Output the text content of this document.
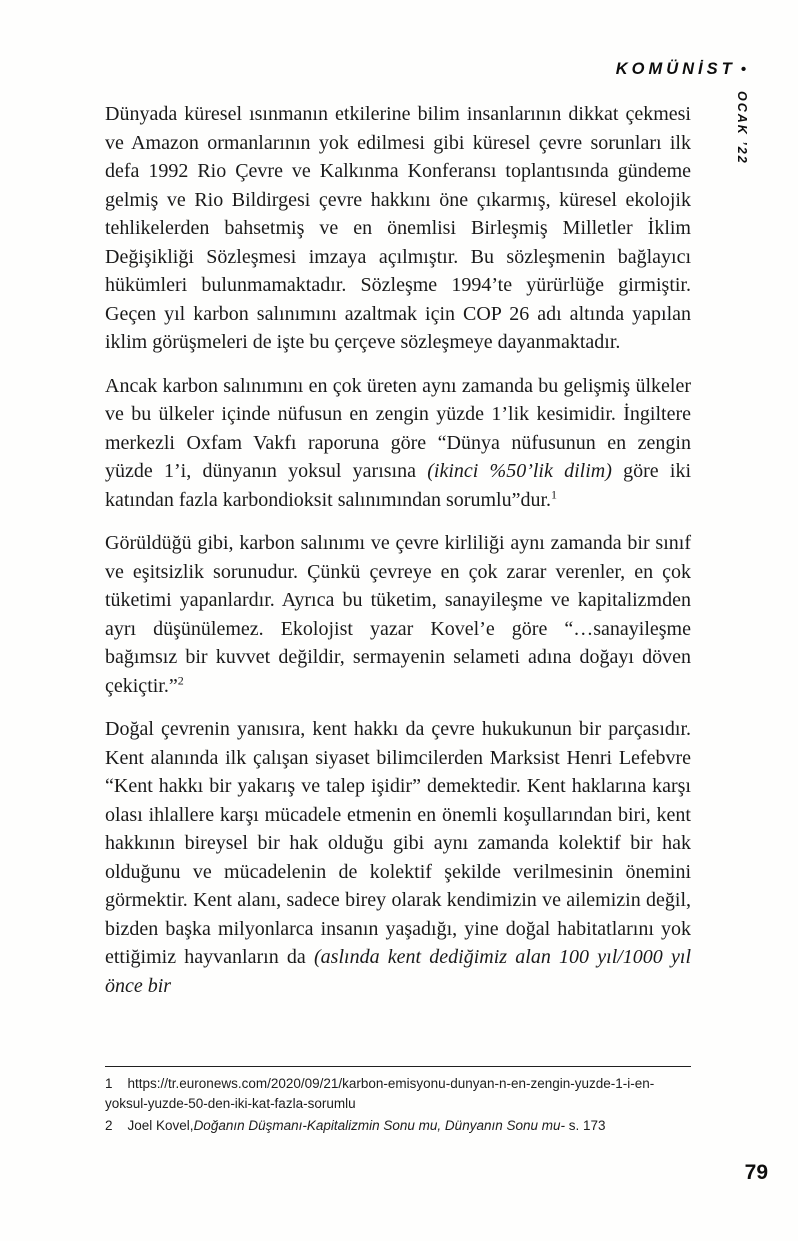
KOMÜNİST •
OCAK ’22

Dünyada küresel ısınmanın etkilerine bilim insanlarının dikkat çekmesi ve Amazon ormanlarının yok edilmesi gibi küresel çevre sorunları ilk defa 1992 Rio Çevre ve Kalkınma Konferansı toplantısında gündeme gelmiş ve Rio Bildirgesi çevre hakkını öne çıkarmış, küresel ekolojik tehlikelerden bahsetmiş ve en önemlisi Birleşmiş Milletler İklim Değişikliği Sözleşmesi imzaya açılmıştır. Bu sözleşmenin bağlayıcı hükümleri bulunmamaktadır. Sözleşme 1994’te yürürlüğe girmiştir. Geçen yıl karbon salınımını azaltmak için COP 26 adı altında yapılan iklim görüşmeleri de işte bu çerçeve sözleşmeye dayanmaktadır.

Ancak karbon salınımını en çok üreten aynı zamanda bu gelişmiş ülkeler ve bu ülkeler içinde nüfusun en zengin yüzde 1’lik kesimidir. İngiltere merkezli Oxfam Vakfı raporuna göre “Dünya nüfusunun en zengin yüzde 1’i, dünyanın yoksul yarısına (ikinci %50’lik dilim) göre iki katından fazla karbondioksit salınımından sorumlu”dur.$^1$

Görüldüğü gibi, karbon salınımı ve çevre kirliliği aynı zamanda bir sınıf ve eşitsizlik sorunudur. Çünkü çevreye en çok zarar verenler, en çok tüketimi yapanlardır. Ayrıca bu tüketim, sanayileşme ve kapitalizmden ayrı düşünülemez. Ekolojist yazar Kovel’e göre “…sanayileşme bağımsız bir kuvvet değildir, sermayenin selameti adına doğayı döven çekiçtir.”$^2$

Doğal çevrenin yanısıra, kent hakkı da çevre hukukunun bir parçasıdır. Kent alanında ilk çalışan siyaset bilimcilerden Marksist Henri Lefebvre “Kent hakkı bir yakarış ve talep işidir” demektedir. Kent haklarına karşı olası ihlallere karşı mücadele etmenin en önemli koşullarından biri, kent hakkının bireysel bir hak olduğu gibi aynı zamanda kolektif bir hak olduğunu ve mücadelenin de kolektif şekilde verilmesinin önemini görmektir. Kent alanı, sadece birey olarak kendimizin ve ailemizin değil, bizden başka milyonlarca insanın yaşadığı, yine doğal habitatlarını yok ettiğimiz hayvanların da (aslında kent dediğimiz alan 100 yıl/1000 yıl önce bir

1 https://tr.euronews.com/2020/09/21/karbon-emisyonu-dunyan-n-en-zengin-yuzde-1-i-en-yoksul-yuzde-50-den-iki-kat-fazla-sorumlu
2 Joel Kovel,Doğanın Düşmanı-Kapitalizmin Sonu mu, Dünyanın Sonu mu- s. 173
79
